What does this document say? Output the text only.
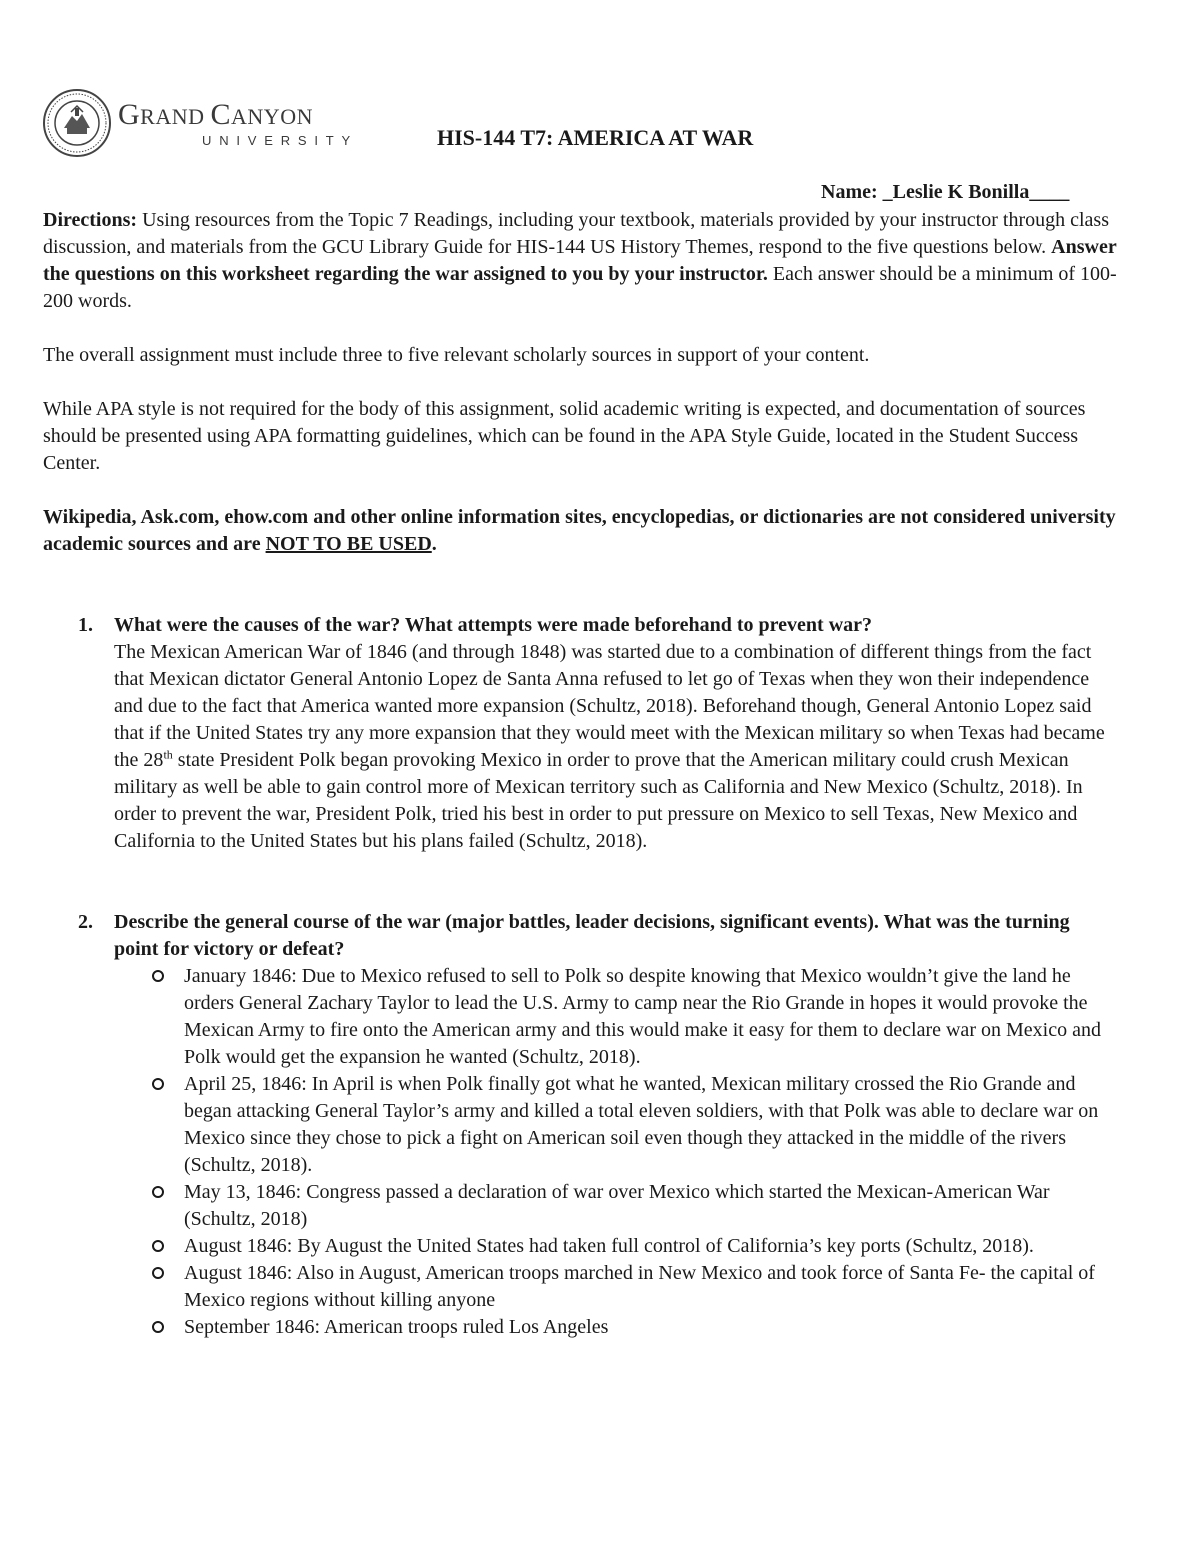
GRAND CANYON
UNIVERSITY	HIS-144 T7: AMERICA AT WAR
Name: _Leslie K Bonilla____

Directions: Using resources from the Topic 7 Readings, including your textbook, materials provided by your instructor through class discussion, and materials from the GCU Library Guide for HIS-144 US History Themes, respond to the five questions below. Answer the questions on this worksheet regarding the war assigned to you by your instructor. Each answer should be a minimum of 100-200 words.

The overall assignment must include three to five relevant scholarly sources in support of your content.

While APA style is not required for the body of this assignment, solid academic writing is expected, and documentation of sources should be presented using APA formatting guidelines, which can be found in the APA Style Guide, located in the Student Success Center.

Wikipedia, Ask.com, ehow.com and other online information sites, encyclopedias, or dictionaries are not considered university academic sources and are NOT TO BE USED.

1. What were the causes of the war? What attempts were made beforehand to prevent war?

The Mexican American War of 1846 (and through 1848) was started due to a combination of different things from the fact that Mexican dictator General Antonio Lopez de Santa Anna refused to let go of Texas when they won their independence and due to the fact that America wanted more expansion (Schultz, 2018). Beforehand though, General Antonio Lopez said that if the United States try any more expansion that they would meet with the Mexican military so when Texas had became the 28th state President Polk began provoking Mexico in order to prove that the American military could crush Mexican military as well be able to gain control more of Mexican territory such as California and New Mexico (Schultz, 2018). In order to prevent the war, President Polk, tried his best in order to put pressure on Mexico to sell Texas, New Mexico and California to the United States but his plans failed (Schultz, 2018).

2. Describe the general course of the war (major battles, leader decisions, significant events). What was the turning point for victory or defeat?

January 1846: Due to Mexico refused to sell to Polk so despite knowing that Mexico wouldn’t give the land he orders General Zachary Taylor to lead the U.S. Army to camp near the Rio Grande in hopes it would provoke the Mexican Army to fire onto the American army and this would make it easy for them to declare war on Mexico and Polk would get the expansion he wanted (Schultz, 2018).
April 25, 1846: In April is when Polk finally got what he wanted, Mexican military crossed the Rio Grande and began attacking General Taylor’s army and killed a total eleven soldiers, with that Polk was able to declare war on Mexico since they chose to pick a fight on American soil even though they attacked in the middle of the rivers (Schultz, 2018).
May 13, 1846: Congress passed a declaration of war over Mexico which started the Mexican-American War (Schultz, 2018)
August 1846: By August the United States had taken full control of California’s key ports (Schultz, 2018).
August 1846: Also in August, American troops marched in New Mexico and took force of Santa Fe- the capital of Mexico regions without killing anyone
September 1846: American troops ruled Los Angeles
